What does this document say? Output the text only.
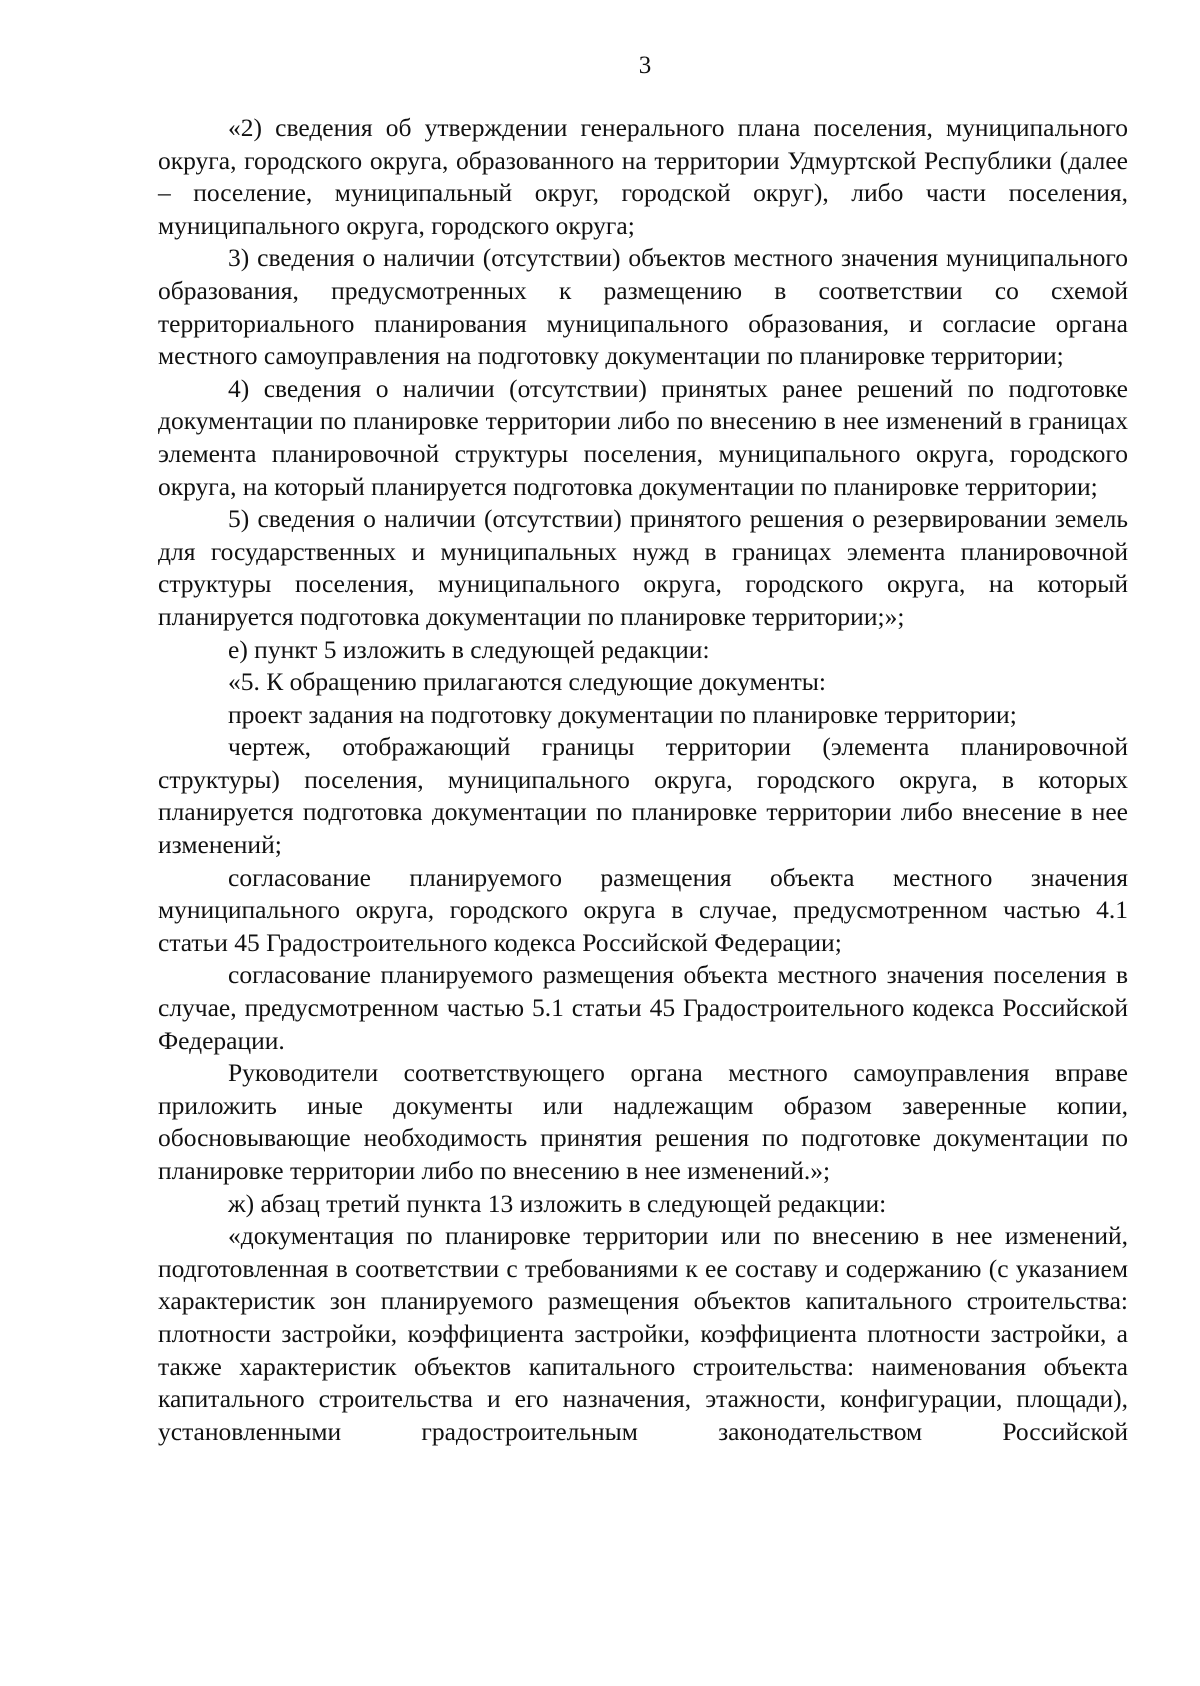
3

«2) сведения об утверждении генерального плана поселения, муниципального округа, городского округа, образованного на территории Удмуртской Республики (далее – поселение, муниципальный округ, городской округ), либо части поселения, муниципального округа, городского округа;

3) сведения о наличии (отсутствии) объектов местного значения муниципального образования, предусмотренных к размещению в соответствии со схемой территориального планирования муниципального образования, и согласие органа местного самоуправления на подготовку документации по планировке территории;

4) сведения о наличии (отсутствии) принятых ранее решений по подготовке документации по планировке территории либо по внесению в нее изменений в границах элемента планировочной структуры поселения, муниципального округа, городского округа, на который планируется подготовка документации по планировке территории;

5) сведения о наличии (отсутствии) принятого решения о резервировании земель для государственных и муниципальных нужд в границах элемента планировочной структуры поселения, муниципального округа, городского округа, на который планируется подготовка документации по планировке территории;»;

е) пункт 5 изложить в следующей редакции:

«5. К обращению прилагаются следующие документы:

проект задания на подготовку документации по планировке территории;

чертеж, отображающий границы территории (элемента планировочной структуры) поселения, муниципального округа, городского округа, в которых планируется подготовка документации по планировке территории либо внесение в нее изменений;

согласование планируемого размещения объекта местного значения муниципального округа, городского округа в случае, предусмотренном частью 4.1 статьи 45 Градостроительного кодекса Российской Федерации;

согласование планируемого размещения объекта местного значения поселения в случае, предусмотренном частью 5.1 статьи 45 Градостроительного кодекса Российской Федерации.

Руководители соответствующего органа местного самоуправления вправе приложить иные документы или надлежащим образом заверенные копии, обосновывающие необходимость принятия решения по подготовке документации по планировке территории либо по внесению в нее изменений.»;

ж) абзац третий пункта 13 изложить в следующей редакции:

«документация по планировке территории или по внесению в нее изменений, подготовленная в соответствии с требованиями к ее составу и содержанию (с указанием характеристик зон планируемого размещения объектов капитального строительства: плотности застройки, коэффициента застройки, коэффициента плотности застройки, а также характеристик объектов капитального строительства: наименования объекта капитального строительства и его назначения, этажности, конфигурации, площади), установленными градостроительным законодательством Российской
